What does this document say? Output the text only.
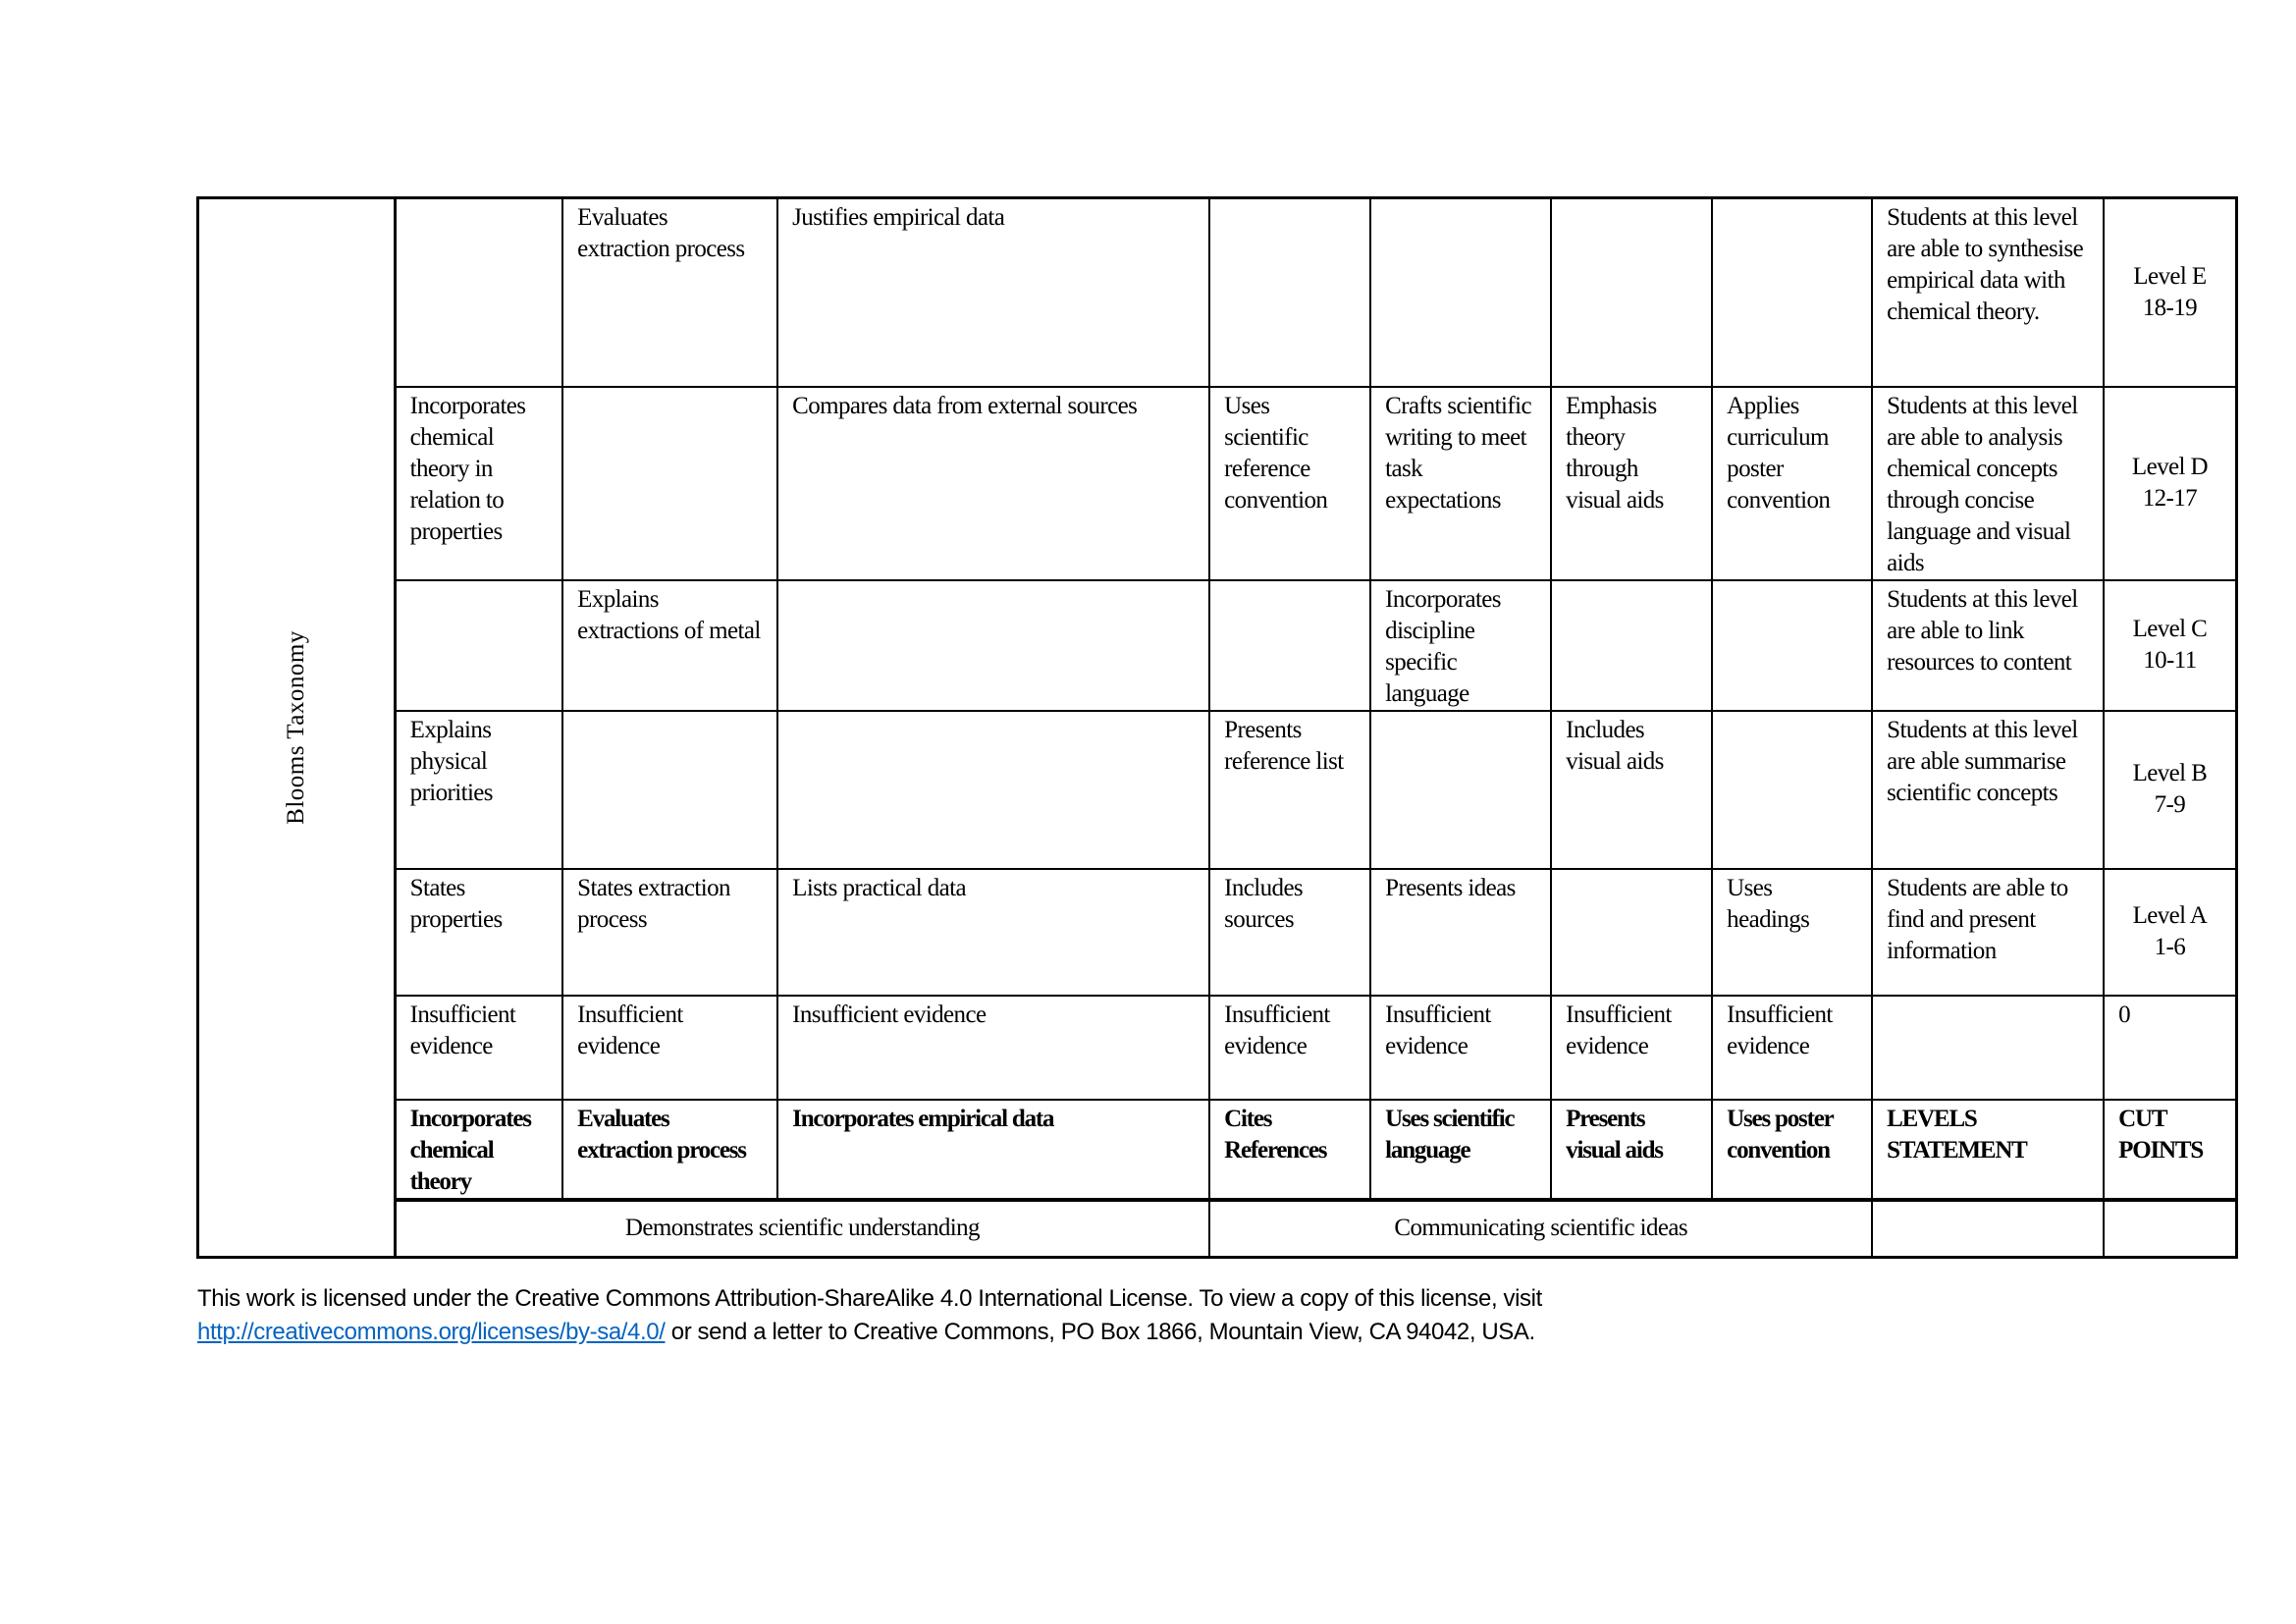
Blooms Taxonomy		Evaluates extraction process	Justifies empirical data					Students at this level are able to synthesise empirical data with chemical theory.	Level E
18-19

	Incorporates chemical theory in relation to properties		Compares data from external sources	Uses scientific reference convention	Crafts scientific writing to meet task expectations	Emphasis theory through visual aids	Applies curriculum poster convention	Students at this level are able to analysis chemical concepts through concise language and visual aids	Level D
12-17

		Explains extractions of metal			Incorporates discipline specific language			Students at this level are able to link resources to content	Level C
10-11

	Explains physical priorities			Presents reference list		Includes visual aids		Students at this level are able summarise scientific concepts	Level B
7-9

	States properties	States extraction process	Lists practical data	Includes sources	Presents ideas		Uses headings	Students are able to find and present information	Level A
1-6

	Insufficient evidence	Insufficient evidence	Insufficient evidence	Insufficient evidence	Insufficient evidence	Insufficient evidence	Insufficient evidence		0
	Incorporates chemical theory	Evaluates extraction process	Incorporates empirical data	Cites References	Uses scientific language	Presents visual aids	Uses poster convention	LEVELS STATEMENT	CUT POINTS
	Demonstrates scientific understanding			Communicating scientific ideas					
This work is licensed under the Creative Commons Attribution-ShareAlike 4.0 International License. To view a copy of this license, visit
http://creativecommons.org/licenses/by-sa/4.0/ or send a letter to Creative Commons, PO Box 1866, Mountain View, CA 94042, USA.
